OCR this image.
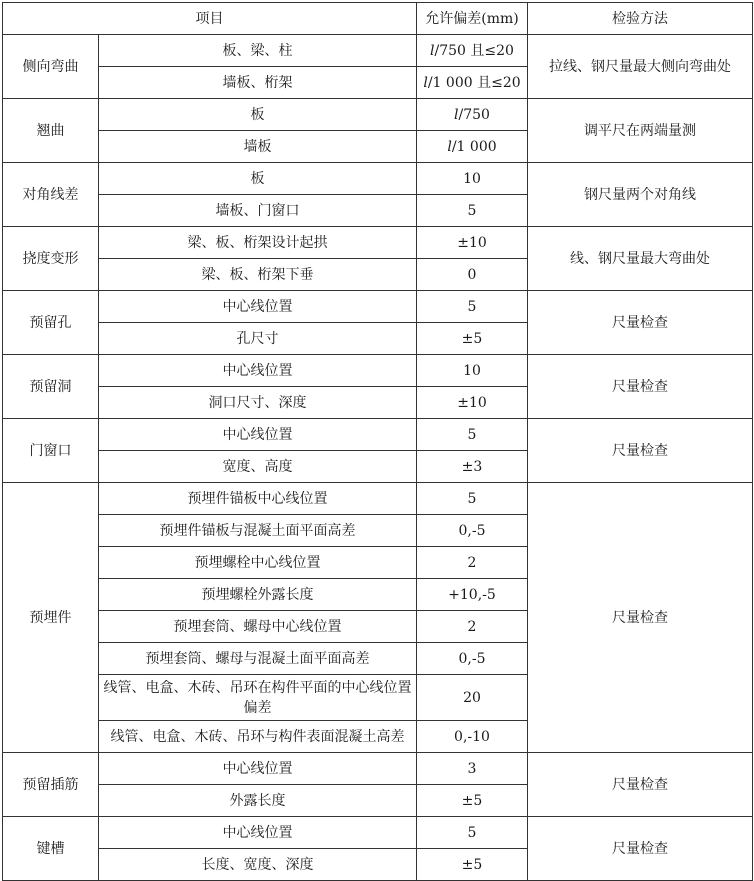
项目		允许偏差(mm)	检验方法
侧向弯曲	板、梁、柱	l/750 且≤20	拉线、钢尺量最大侧向弯曲处
	墙板、桁架	l/1 000 且≤20	
翘曲	板	l/750	调平尺在两端量测
	墙板	l/1 000	
对角线差	板	10	钢尺量两个对角线
	墙板、门窗口	5	
挠度变形	梁、板、桁架设计起拱	±10	线、钢尺量最大弯曲处
	梁、板、桁架下垂	0	
预留孔	中心线位置	5	尺量检查
	孔尺寸	±5	
预留洞	中心线位置	10	尺量检查
	洞口尺寸、深度	±10	
门窗口	中心线位置	5	尺量检查
	宽度、高度	±3	
预埋件	预埋件锚板中心线位置	5	尺量检查
	预埋件锚板与混凝土面平面高差	0,-5	
	预埋螺栓中心线位置	2	
	预埋螺栓外露长度	+10,-5	
	预埋套筒、螺母中心线位置	2	
	预埋套筒、螺母与混凝土面平面高差	0,-5	
	线管、电盒、木砖、吊环在构件平面的中心线位置偏差	20	
	线管、电盒、木砖、吊环与构件表面混凝土高差	0,-10	
预留插筋	中心线位置	3	尺量检查
	外露长度	±5	
键槽	中心线位置	5	尺量检查
	长度、宽度、深度	±5	
